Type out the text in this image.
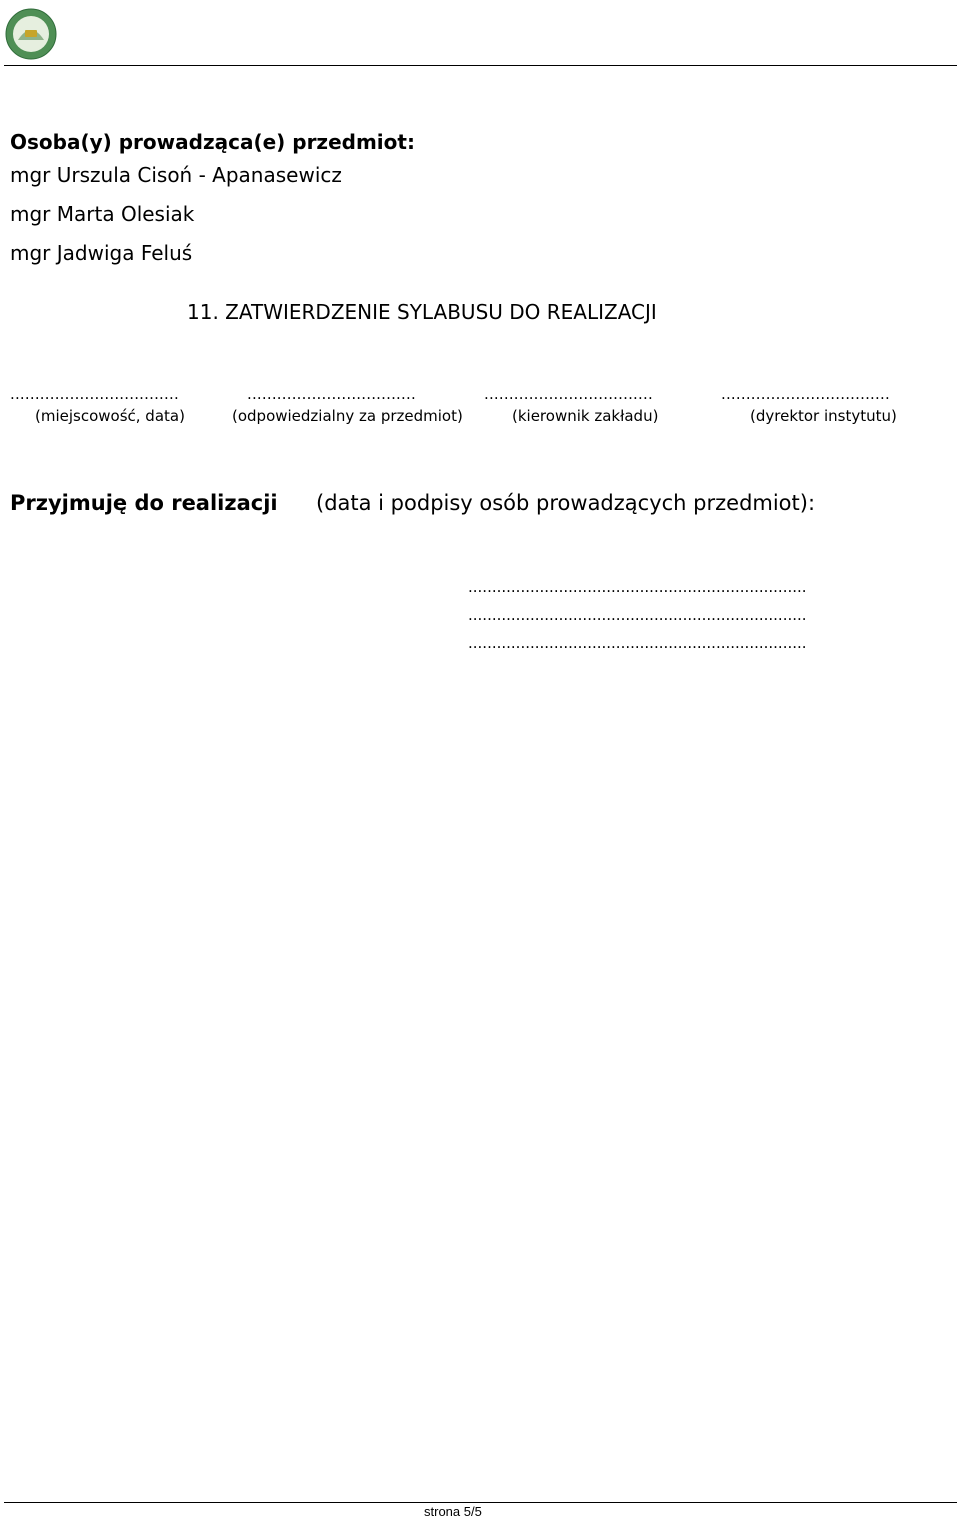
Osoba(y) prowadząca(e) przedmiot:
mgr Urszula Cisoń - Apanasewicz
mgr Marta Olesiak
mgr Jadwiga Feluś
11. ZATWIERDZENIE SYLABUSU DO REALIZACJI
..................................	..................................	..................................	..................................
(miejscowość, data)	(odpowiedzialny za przedmiot)	(kierownik zakładu)	(dyrektor instytutu)
Przyjmuję do realizacji (data i podpisy osób prowadzących przedmiot):
.......................................................................
.......................................................................
.......................................................................
strona 5/5
